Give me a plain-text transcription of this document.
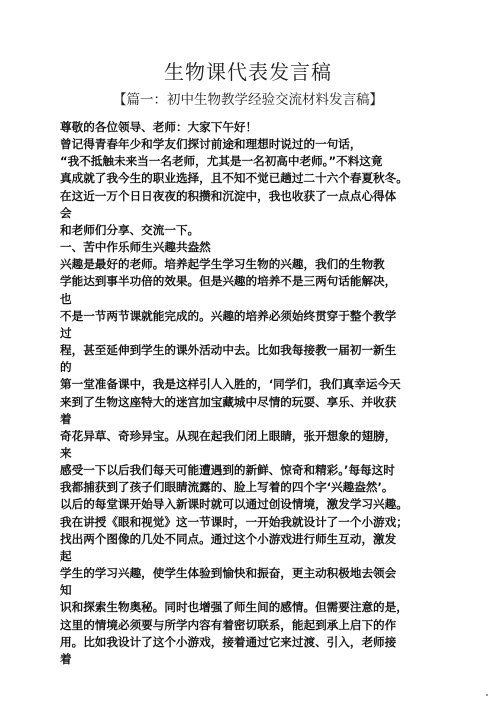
生物课代表发言稿
【篇一：初中生物教学经验交流材料发言稿】
尊敬的各位领导、老师：大家下午好！
曾记得青春年少和学友们探讨前途和理想时说过的一句话，
“我不抵触未来当一名老师，尤其是一名初高中老师。”不料这竟
真成就了我今生的职业选择，且不知不觉已趟过二十六个春夏秋冬。
在这近一万个日日夜夜的积攒和沉淀中，我也收获了一点点心得体
会
和老师们分享、交流一下。
一、苦中作乐师生兴趣共盎然
兴趣是最好的老师。培养起学生学习生物的兴趣，我们的生物教
学能达到事半功倍的效果。但是兴趣的培养不是三两句话能解决，
也
不是一节两节课就能完成的。兴趣的培养必须始终贯穿于整个教学
过
程，甚至延伸到学生的课外活动中去。比如我每接教一届初一新生
的
第一堂准备课中，我是这样引人入胜的，‘同学们，我们真幸运今天
来到了生物这座特大的迷宫加宝藏城中尽情的玩耍、享乐、并收获
着
奇花异草、奇珍异宝。从现在起我们闭上眼睛，张开想象的翅膀，
来
感受一下以后我们每天可能遭遇到的新鲜、惊奇和精彩。’每每这时
我都捕获到了孩子们眼睛流露的、脸上写着的四个字‘兴趣盎然’。
以后的每堂课开始导入新课时就可以通过创设情境，激发学习兴趣。
我在讲授《眼和视觉》这一节课时，一开始我就设计了一个小游戏；
找出两个图像的几处不同点。通过这个小游戏进行师生互动，激发
起
学生的学习兴趣，使学生体验到愉快和振奋，更主动积极地去领会
知
识和探索生物奥秘。同时也增强了师生间的感情。但需要注意的是，
这里的情境必须要与所学内容有着密切联系，能起到承上启下的作
用。比如我设计了这个小游戏，接着通过它来过渡、引入，老师接
着
